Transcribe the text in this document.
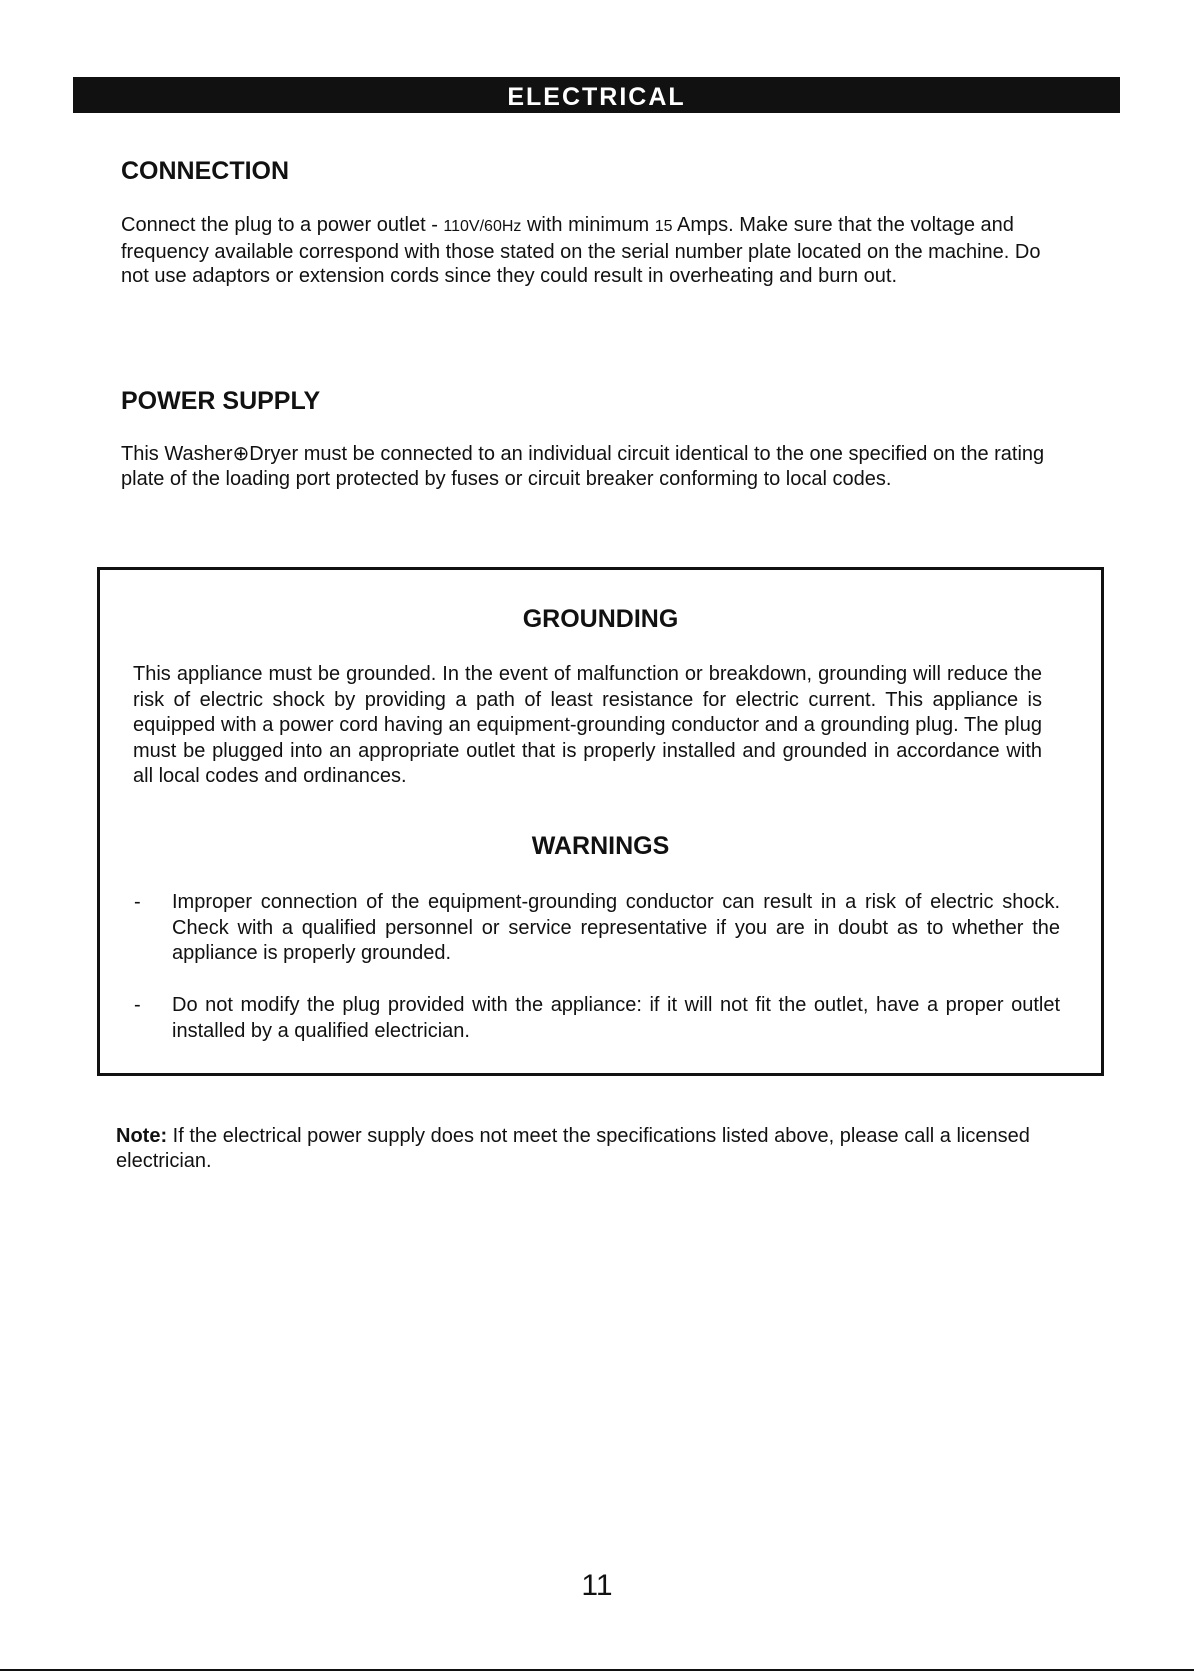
ELECTRICAL
CONNECTION

Connect the plug to a power outlet - 110V/60Hz with minimum 15 Amps. Make sure that the voltage and frequency available correspond with those stated on the serial number plate located on the machine. Do not use adaptors or extension cords since they could result in overheating and burn out.

POWER SUPPLY

This Washer⊕Dryer must be connected to an individual circuit identical to the one specified on the rating plate of the loading port protected by fuses or circuit breaker conforming to local codes.

GROUNDING

This appliance must be grounded. In the event of malfunction or breakdown, grounding will reduce the risk of electric shock by providing a path of least resistance for electric current. This appliance is equipped with a power cord having an equipment-grounding conductor and a grounding plug. The plug must be plugged into an appropriate outlet that is properly installed and grounded in accordance with all local codes and ordinances.

WARNINGS
- Improper connection of the equipment-grounding conductor can result in a risk of electric shock. Check with a qualified personnel or service representative if you are in doubt as to whether the appliance is properly grounded.
- Do not modify the plug provided with the appliance: if it will not fit the outlet, have a proper outlet installed by a qualified electrician.

Note: If the electrical power supply does not meet the specifications listed above, please call a licensed electrician.

11
